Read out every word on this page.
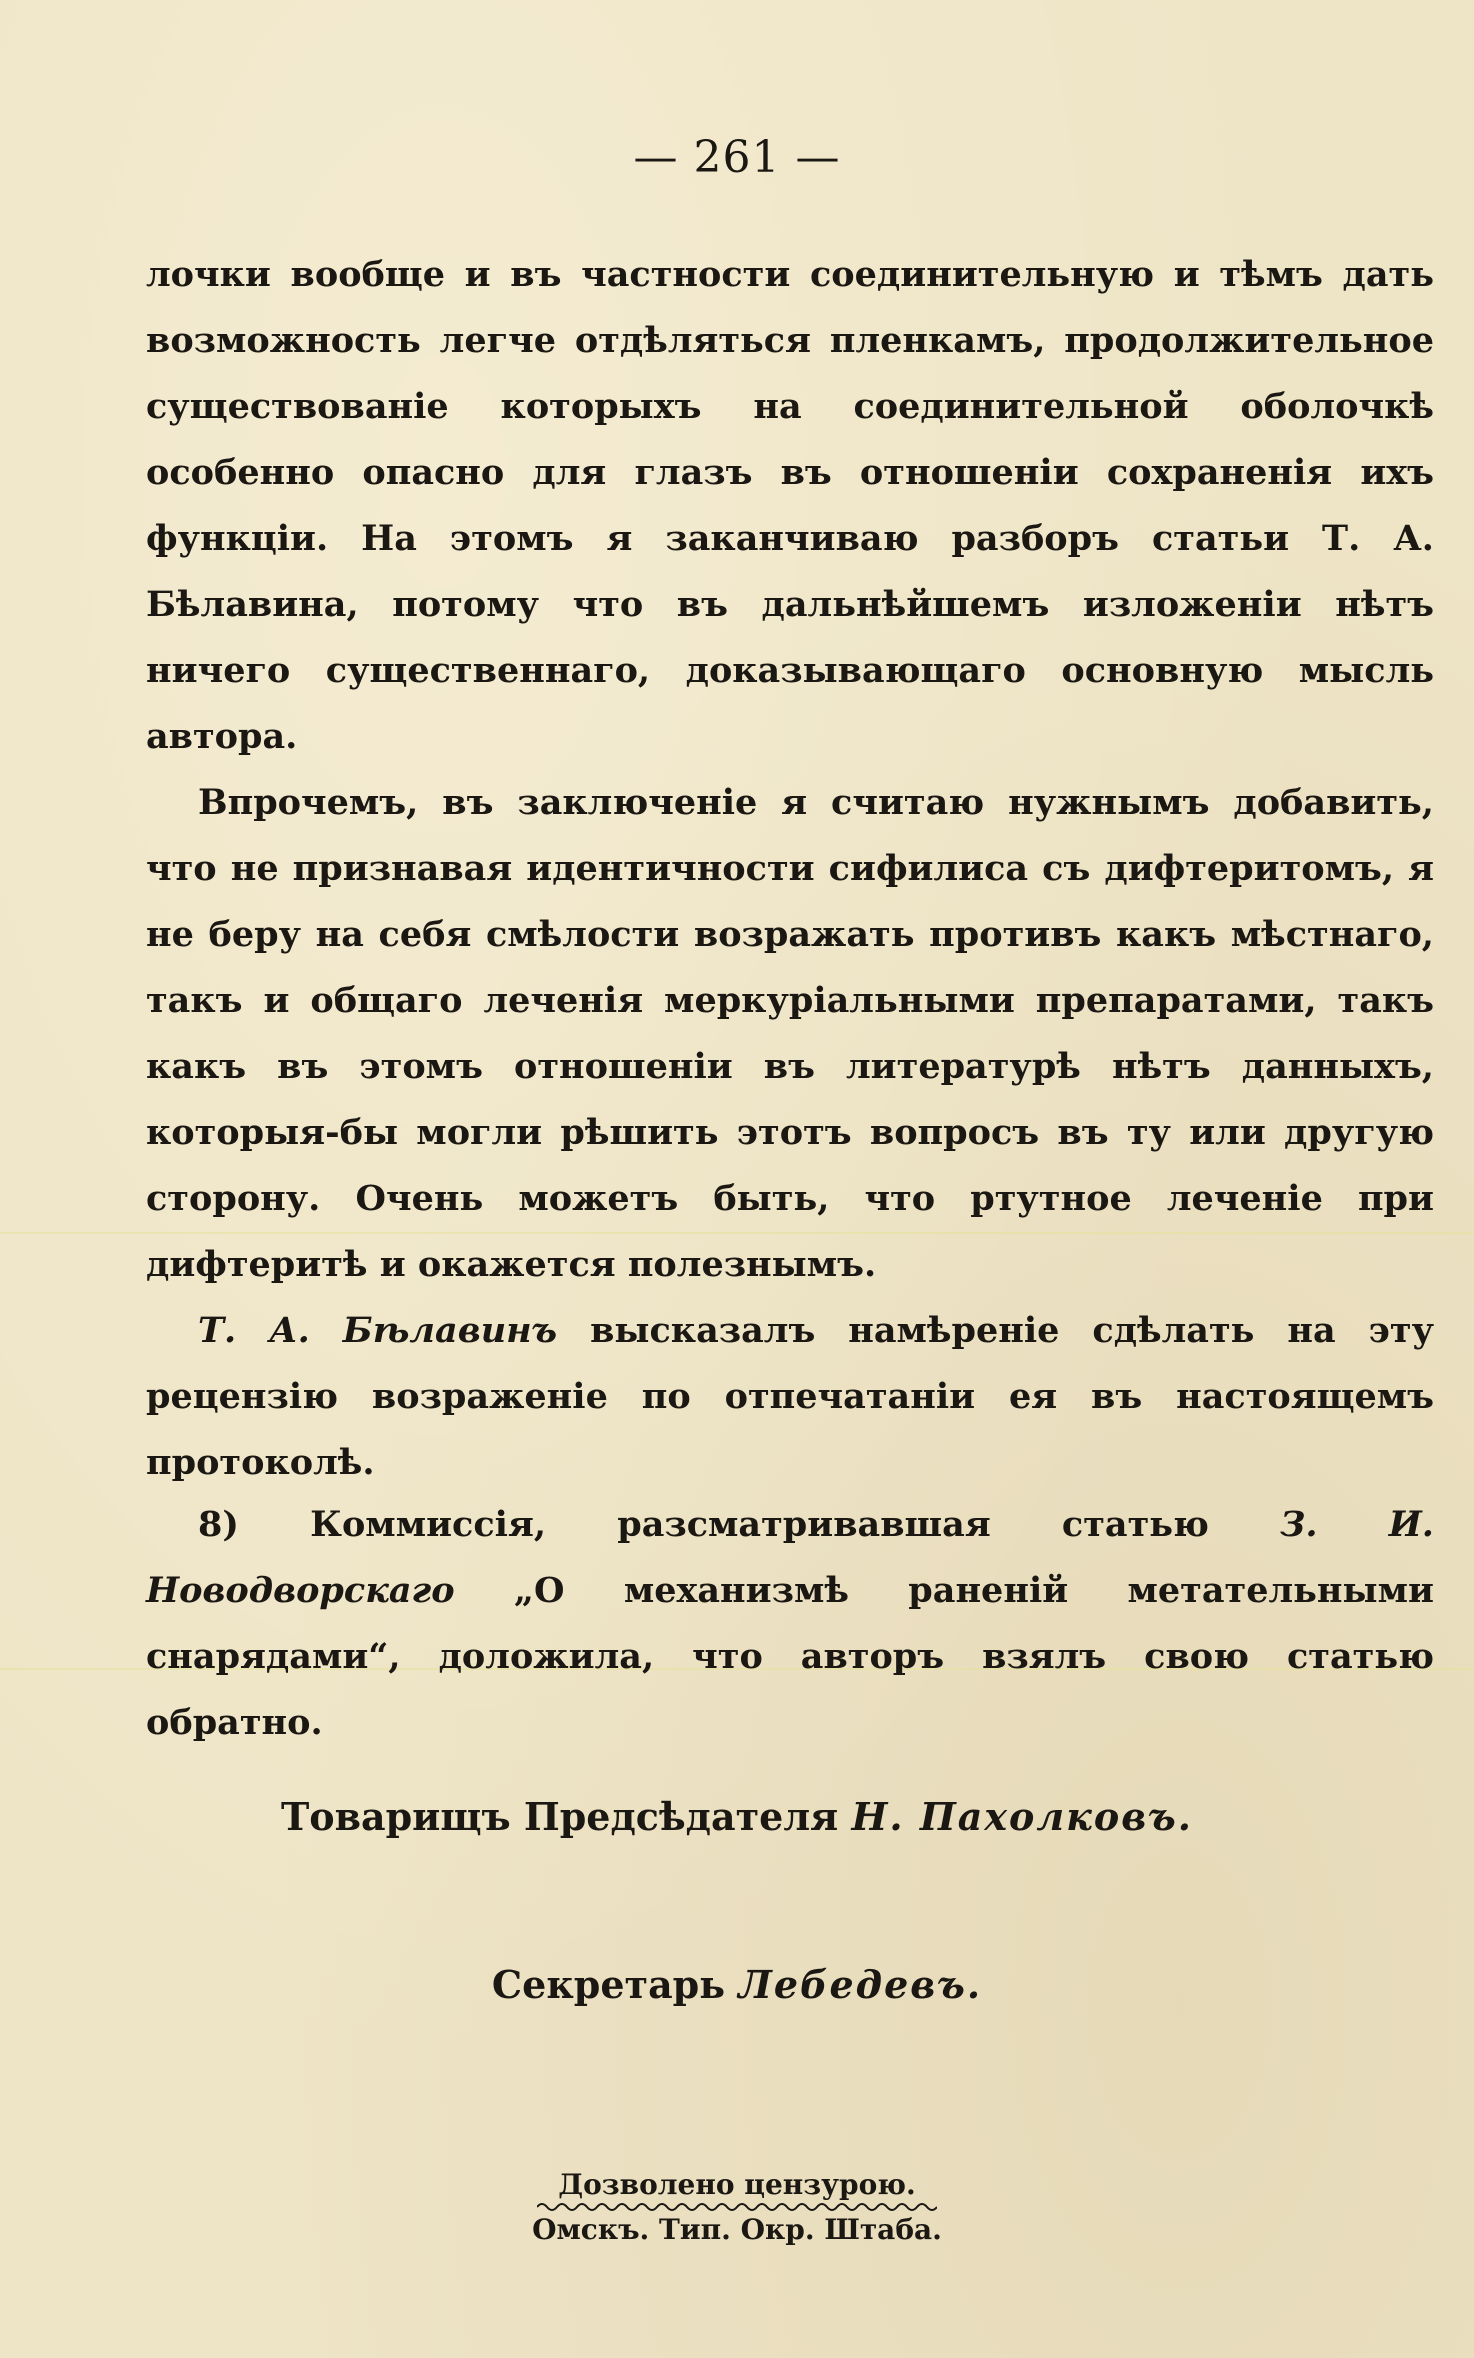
— 261 —

лочки вообще и въ частности соединительную и тѣмъ дать возможность легче отдѣляться пленкамъ, продолжительное существованіе которыхъ на соединительной оболочкѣ особенно опасно для глазъ въ отношеніи сохраненія ихъ функціи. На этомъ я заканчиваю разборъ статьи Т. А. Бѣлавина, потому что въ дальнѣйшемъ изложеніи нѣтъ ничего существеннаго, доказывающаго основную мысль автора.

Впрочемъ, въ заключеніе я считаю нужнымъ добавить, что не признавая идентичности сифилиса съ дифтеритомъ, я не беру на себя смѣлости возражать противъ какъ мѣстнаго, такъ и общаго леченія меркуріальными препаратами, такъ какъ въ этомъ отношеніи въ литературѣ нѣтъ данныхъ, которыя-бы могли рѣшить этотъ вопросъ въ ту или другую сторону. Очень можетъ быть, что ртутное леченіе при дифтеритѣ и окажется полезнымъ.

Т. А. Бѣлавинъ высказалъ намѣреніе сдѣлать на эту рецензію возраженіе по отпечатаніи ея въ настоящемъ протоколѣ.

8) Коммиссія, разсматривавшая статью З. И. Новодворскаго „О механизмѣ раненій метательными снарядами“, доложила, что авторъ взялъ свою статью обратно.

Товарищъ Предсѣдателя Н. Пахолковъ.
Секретарь Лебедевъ.
Дозволено цензурою.
Омскъ. Тип. Окр. Штаба.
